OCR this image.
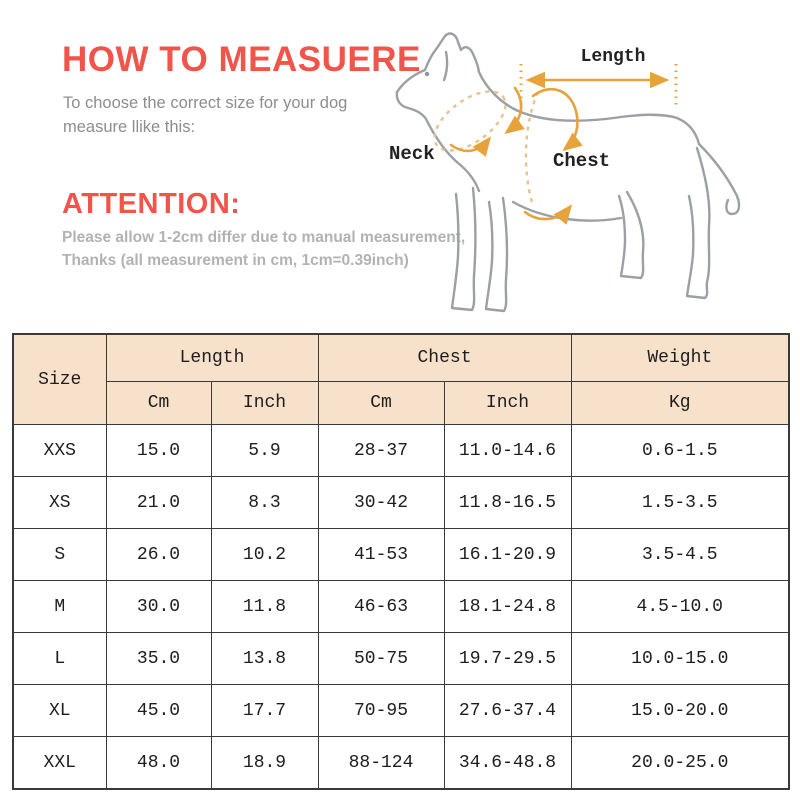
HOW TO MEASUERE

To choose the correct size for your dog
measure llike this:

ATTENTION:

Please allow 1-2cm differ due to manual measurement,
Thanks (all measurement in cm, 1cm=0.39inch)

Length
Neck	Chest
Size	Length		Chest		Weight
	Cm	Inch	Cm	Inch	Kg
XXS	15.0	5.9	28-37	11.0-14.6	0.6-1.5
XS	21.0	8.3	30-42	11.8-16.5	1.5-3.5
S	26.0	10.2	41-53	16.1-20.9	3.5-4.5
M	30.0	11.8	46-63	18.1-24.8	4.5-10.0
L	35.0	13.8	50-75	19.7-29.5	10.0-15.0
XL	45.0	17.7	70-95	27.6-37.4	15.0-20.0
XXL	48.0	18.9	88-124	34.6-48.8	20.0-25.0
